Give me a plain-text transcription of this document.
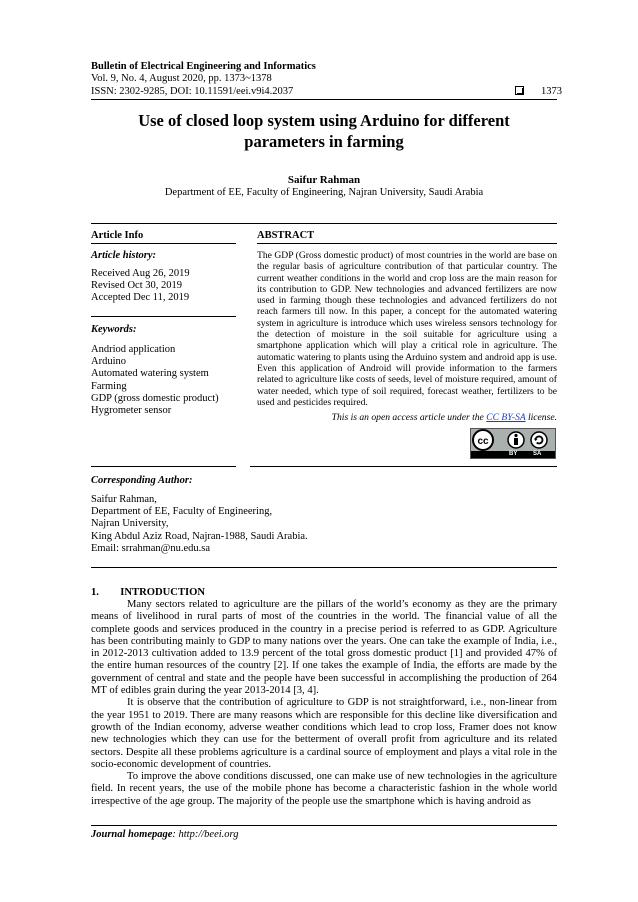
Bulletin of Electrical Engineering and Informatics
Vol. 9, No. 4, August 2020, pp. 1373~1378
ISSN: 2302-9285, DOI: 10.11591/eei.v9i4.2037	1373
Use of closed loop system using Arduino for different
parameters in farming
Saifur Rahman
Department of EE, Faculty of Engineering, Najran University, Saudi Arabia
Article Info
Article history:
Received Aug 26, 2019
Revised Oct 30, 2019
Accepted Dec 11, 2019
Keywords:
Andriod application
Arduino
Automated watering system
Farming
GDP (gross domestic product)
Hygrometer sensor
ABSTRACT
The GDP (Gross domestic product) of most countries in the world are base on the regular basis of agriculture contribution of that particular country. The current weather conditions in the world and crop loss are the main reason for its contribution to GDP. New technologies and advanced fertilizers are now used in farming though these technologies and advanced fertilizers do not reach farmers till now. In this paper, a concept for the automated watering system in agriculture is introduce which uses wireless sensors technology for the detection of moisture in the soil suitable for agriculture using a smartphone application which will play a critical role in agriculture. The automatic watering to plants using the Arduino system and android app is use. Even this application of Android will provide information to the farmers related to agriculture like costs of seeds, level of moisture required, amount of water needed, which type of soil required, forecast weather, fertilizers to be used and pesticides required.
This is an open access article under the CC BY-SA license.
cc
BY	SA
Corresponding Author:
Saifur Rahman,
Department of EE, Faculty of Engineering,
Najran University,
King Abdul Aziz Road, Najran-1988, Saudi Arabia.
Email: srrahman@nu.edu.sa
1. INTRODUCTION

Many sectors related to agriculture are the pillars of the world’s economy as they are the primary means of livelihood in rural parts of most of the countries in the world. The financial value of all the complete goods and services produced in the country in a precise period is referred to as GDP. Agriculture has been contributing mainly to GDP to many nations over the years. One can take the example of India, i.e., in 2012-2013 cultivation added to 13.9 percent of the total gross domestic product [1] and provided 47% of the entire human resources of the country [2]. If one takes the example of India, the efforts are made by the government of central and state and the people have been successful in accomplishing the production of 264 MT of edibles grain during the year 2013-2014 [3, 4].

It is observe that the contribution of agriculture to GDP is not straightforward, i.e., non-linear from the year 1951 to 2019. There are many reasons which are responsible for this decline like diversification and growth of the Indian economy, adverse weather conditions which lead to crop loss, Framer does not know new technologies which they can use for the betterment of overall profit from agriculture and its related sectors. Despite all these problems agriculture is a cardinal source of employment and plays a vital role in the socio-economic development of countries.

To improve the above conditions discussed, one can make use of new technologies in the agriculture field. In recent years, the use of the mobile phone has become a characteristic fashion in the whole world irrespective of the age group. The majority of the people use the smartphone which is having android as

Journal homepage: http://beei.org
